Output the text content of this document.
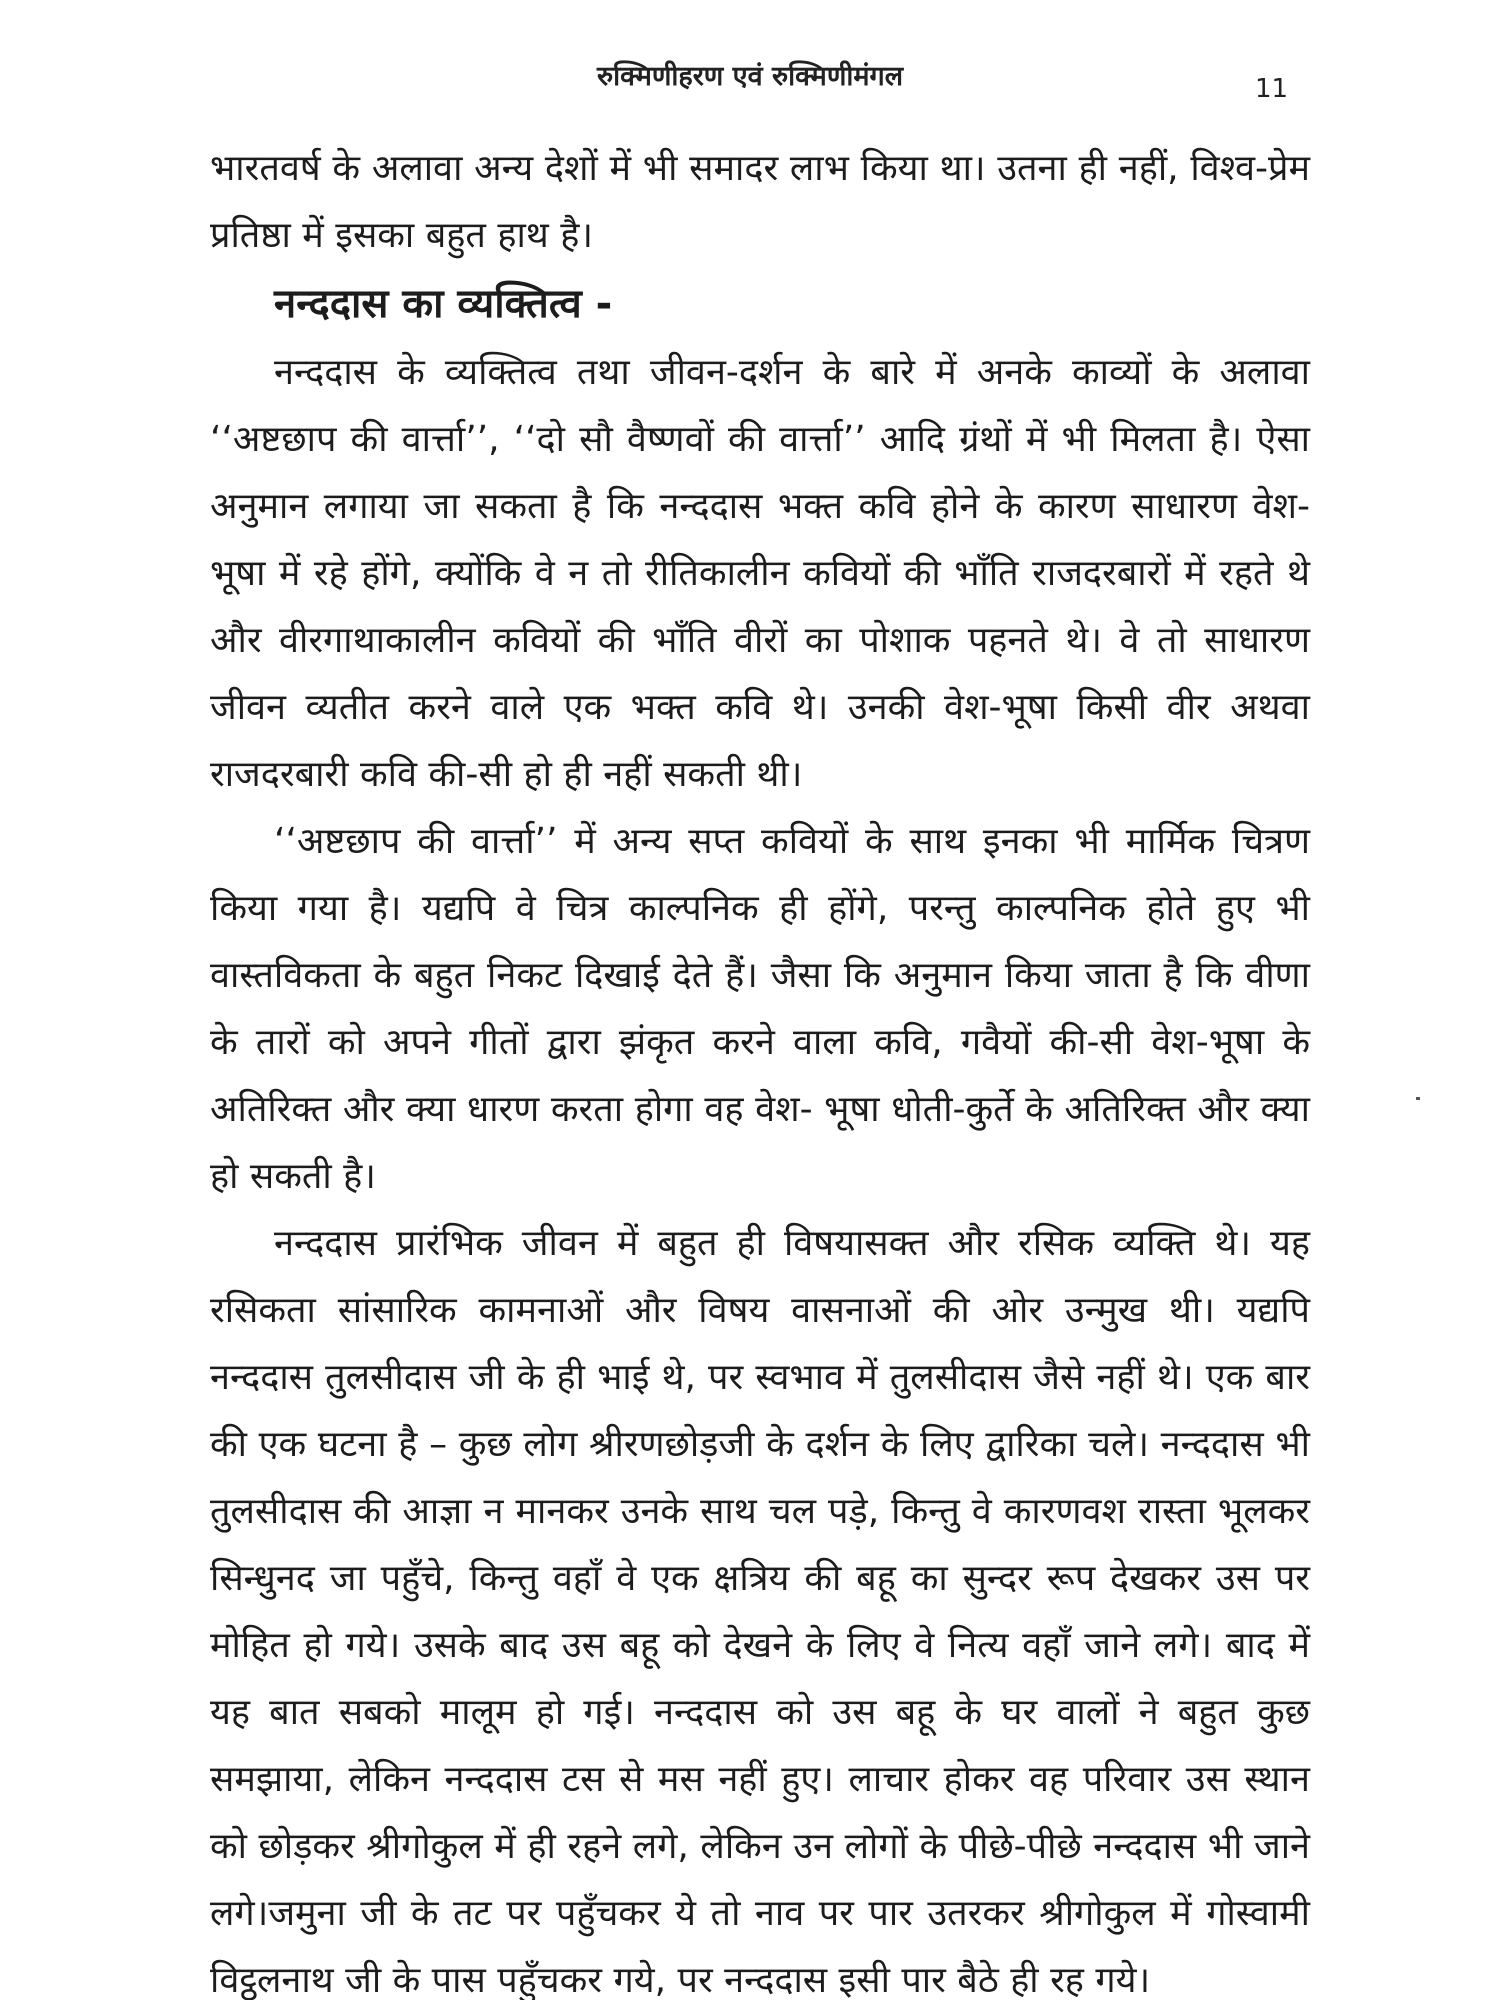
रुक्मिणीहरण एवं रुक्मिणीमंगल	11

भारतवर्ष के अलावा अन्य देशों में भी समादर लाभ किया था। उतना ही नहीं, विश्व-प्रेम प्रतिष्ठा में इसका बहुत हाथ है।

नन्ददास का व्यक्तित्व -

नन्ददास के व्यक्तित्व तथा जीवन-दर्शन के बारे में अनके काव्यों के अलावा ‘‘अष्टछाप की वार्त्ता’’, ‘‘दो सौ वैष्णवों की वार्त्ता’’ आदि ग्रंथों में भी मिलता है। ऐसा अनुमान लगाया जा सकता है कि नन्ददास भक्त कवि होने के कारण साधारण वेश-भूषा में रहे होंगे, क्योंकि वे न तो रीतिकालीन कवियों की भाँति राजदरबारों में रहते थे और वीरगाथाकालीन कवियों की भाँति वीरों का पोशाक पहनते थे। वे तो साधारण जीवन व्यतीत करने वाले एक भक्त कवि थे। उनकी वेश-भूषा किसी वीर अथवा राजदरबारी कवि की-सी हो ही नहीं सकती थी।

‘‘अष्टछाप की वार्त्ता’’ में अन्य सप्त कवियों के साथ इनका भी मार्मिक चित्रण किया गया है। यद्यपि वे चित्र काल्पनिक ही होंगे, परन्तु काल्पनिक होते हुए भी वास्तविकता के बहुत निकट दिखाई देते हैं। जैसा कि अनुमान किया जाता है कि वीणा के तारों को अपने गीतों द्वारा झंकृत करने वाला कवि, गवैयों की-सी वेश-भूषा के अतिरिक्त और क्या धारण करता होगा वह वेश- भूषा धोती-कुर्ते के अतिरिक्त और क्या हो सकती है।

नन्ददास प्रारंभिक जीवन में बहुत ही विषयासक्त और रसिक व्यक्ति थे। यह रसिकता सांसारिक कामनाओं और विषय वासनाओं की ओर उन्मुख थी। यद्यपि नन्ददास तुलसीदास जी के ही भाई थे, पर स्वभाव में तुलसीदास जैसे नहीं थे। एक बार की एक घटना है – कुछ लोग श्रीरणछोड़जी के दर्शन के लिए द्वारिका चले। नन्ददास भी तुलसीदास की आज्ञा न मानकर उनके साथ चल पड़े, किन्तु वे कारणवश रास्ता भूलकर सिन्धुनद जा पहुँचे, किन्तु वहाँ वे एक क्षत्रिय की बहू का सुन्दर रूप देखकर उस पर मोहित हो गये। उसके बाद उस बहू को देखने के लिए वे नित्य वहाँ जाने लगे। बाद में यह बात सबको मालूम हो गई। नन्ददास को उस बहू के घर वालों ने बहुत कुछ समझाया, लेकिन नन्ददास टस से मस नहीं हुए। लाचार होकर वह परिवार उस स्थान को छोड़कर श्रीगोकुल में ही रहने लगे, लेकिन उन लोगों के पीछे-पीछे नन्ददास भी जाने लगे।जमुना जी के तट पर पहुँचकर ये तो नाव पर पार उतरकर श्रीगोकुल में गोस्वामी विट्ठलनाथ जी के पास पहुँचकर गये, पर नन्ददास इसी पार बैठे ही रह गये।
